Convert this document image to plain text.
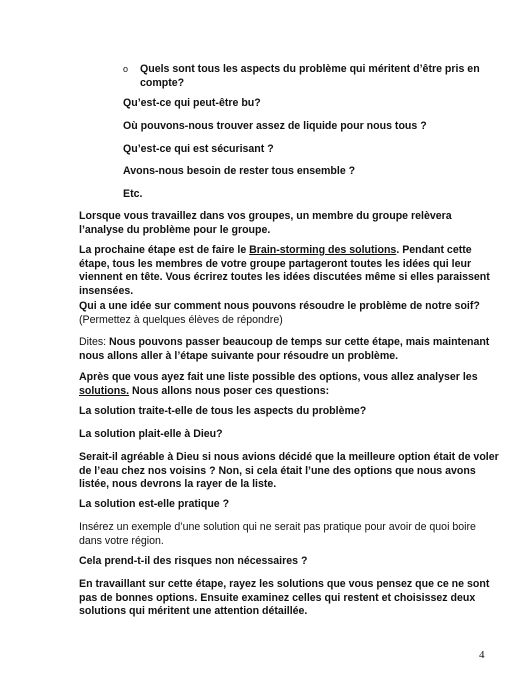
o Quels sont tous les aspects du problème qui méritent d’être pris en compte?
Qu’est-ce qui peut-être bu?
Où pouvons-nous trouver assez de liquide pour nous tous ?
Qu’est-ce qui est sécurisant ?
Avons-nous besoin de rester tous ensemble ?
Etc.
Lorsque vous travaillez dans vos groupes, un membre du groupe relèvera l’analyse du problème pour le groupe.
La prochaine étape est de faire le Brain-storming des solutions. Pendant cette étape, tous les membres de votre groupe partageront toutes les idées qui leur viennent en tête. Vous écrirez toutes les idées discutées même si elles paraissent insensées.
Qui a une idée sur comment nous pouvons résoudre le problème de notre soif?
(Permettez à quelques élèves de répondre)
Dites: Nous pouvons passer beaucoup de temps sur cette étape, mais maintenant nous allons aller à l’étape suivante pour résoudre un problème.
Après que vous ayez fait une liste possible des options, vous allez analyser les solutions. Nous allons nous poser ces questions:
La solution traite-t-elle de tous les aspects du problème?
La solution plait-elle à Dieu?
Serait-il agréable à Dieu si nous avions décidé que la meilleure option était de voler de l’eau chez nos voisins ? Non, si cela était l’une des options que nous avons listée, nous devrons la rayer de la liste.
La solution est-elle pratique ?
Insérez un exemple d’une solution qui ne serait pas pratique pour avoir de quoi boire dans votre région.
Cela prend-t-il des risques non nécessaires ?
En travaillant sur cette étape, rayez les solutions que vous pensez que ce ne sont pas de bonnes options. Ensuite examinez celles qui restent et choisissez deux solutions qui méritent une attention détaillée.
4
